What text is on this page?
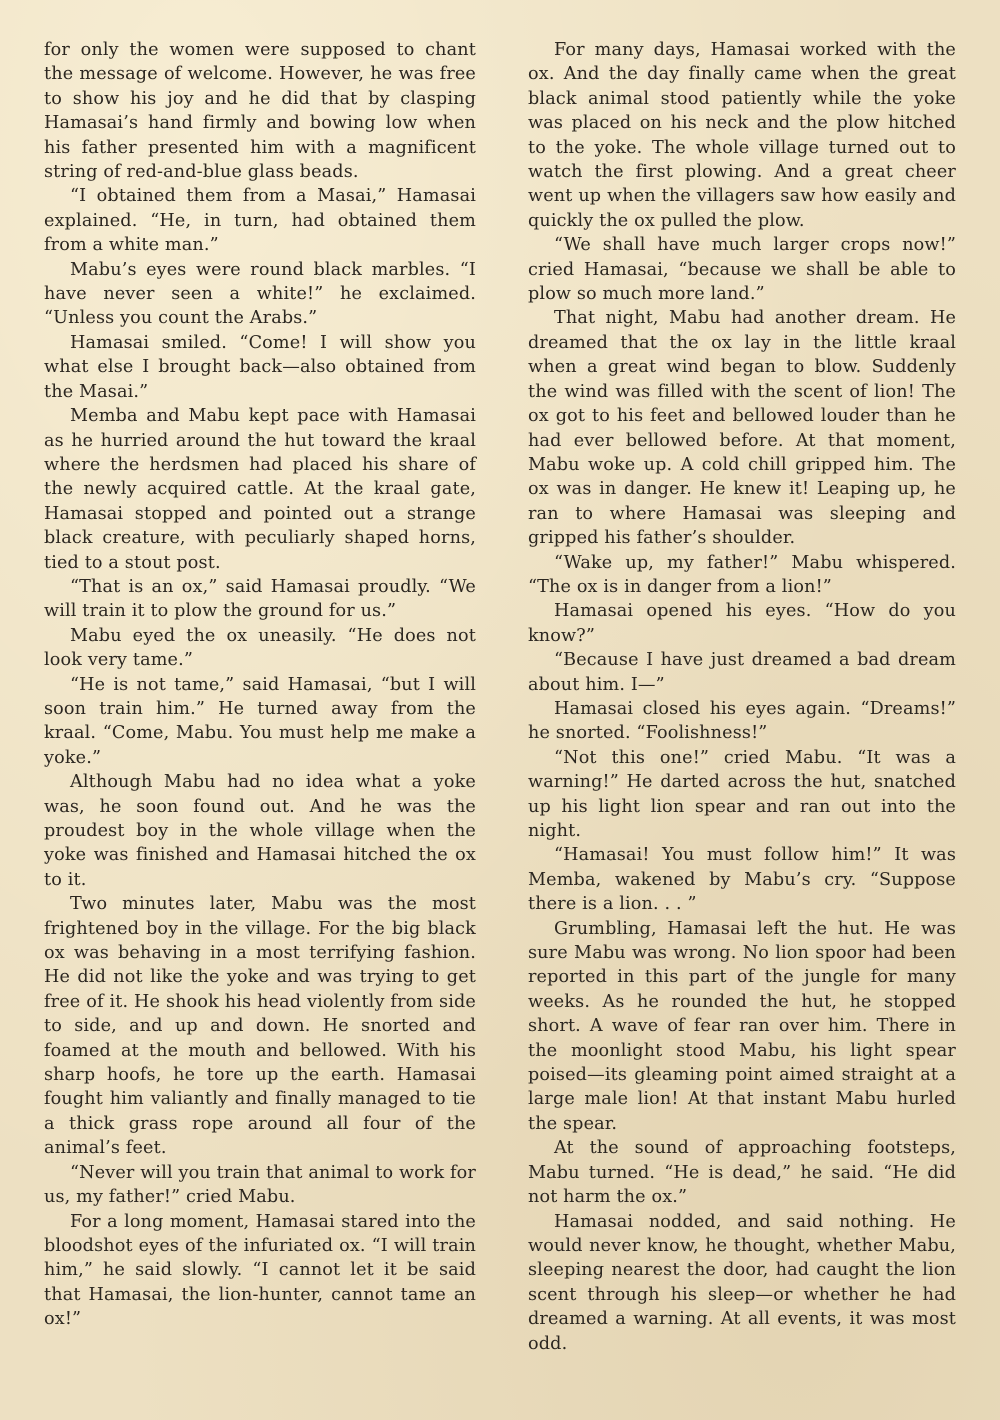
for only the women were supposed to chant the message of welcome. However, he was free to show his joy and he did that by clasping Hamasai’s hand firmly and bowing low when his father presented him with a magnificent string of red-and-blue glass beads.

“I obtained them from a Masai,” Hamasai explained. “He, in turn, had obtained them from a white man.”

Mabu’s eyes were round black marbles. “I have never seen a white!” he exclaimed. “Unless you count the Arabs.”

Hamasai smiled. “Come! I will show you what else I brought back—also obtained from the Masai.”

Memba and Mabu kept pace with Hamasai as he hurried around the hut toward the kraal where the herdsmen had placed his share of the newly acquired cattle. At the kraal gate, Hamasai stopped and pointed out a strange black creature, with peculiarly shaped horns, tied to a stout post.

“That is an ox,” said Hamasai proudly. “We will train it to plow the ground for us.”

Mabu eyed the ox uneasily. “He does not look very tame.”

“He is not tame,” said Hamasai, “but I will soon train him.” He turned away from the kraal. “Come, Mabu. You must help me make a yoke.”

Although Mabu had no idea what a yoke was, he soon found out. And he was the proudest boy in the whole village when the yoke was finished and Hamasai hitched the ox to it.

Two minutes later, Mabu was the most frightened boy in the village. For the big black ox was behaving in a most terrifying fashion. He did not like the yoke and was trying to get free of it. He shook his head violently from side to side, and up and down. He snorted and foamed at the mouth and bellowed. With his sharp hoofs, he tore up the earth. Hamasai fought him valiantly and finally managed to tie a thick grass rope around all four of the animal’s feet.

“Never will you train that animal to work for us, my father!” cried Mabu.

For a long moment, Hamasai stared into the bloodshot eyes of the infuriated ox. “I will train him,” he said slowly. “I cannot let it be said that Hamasai, the lion-hunter, cannot tame an ox!”

For many days, Hamasai worked with the ox. And the day finally came when the great black animal stood patiently while the yoke was placed on his neck and the plow hitched to the yoke. The whole village turned out to watch the first plowing. And a great cheer went up when the villagers saw how easily and quickly the ox pulled the plow.

“We shall have much larger crops now!” cried Hamasai, “because we shall be able to plow so much more land.”

That night, Mabu had another dream. He dreamed that the ox lay in the little kraal when a great wind began to blow. Suddenly the wind was filled with the scent of lion! The ox got to his feet and bellowed louder than he had ever bellowed before. At that moment, Mabu woke up. A cold chill gripped him. The ox was in danger. He knew it! Leaping up, he ran to where Hamasai was sleeping and gripped his father’s shoulder.

“Wake up, my father!” Mabu whispered. “The ox is in danger from a lion!”

Hamasai opened his eyes. “How do you know?”

“Because I have just dreamed a bad dream about him. I—”

Hamasai closed his eyes again. “Dreams!” he snorted. “Foolishness!”

“Not this one!” cried Mabu. “It was a warning!” He darted across the hut, snatched up his light lion spear and ran out into the night.

“Hamasai! You must follow him!” It was Memba, wakened by Mabu’s cry. “Suppose there is a lion. . . ”

Grumbling, Hamasai left the hut. He was sure Mabu was wrong. No lion spoor had been reported in this part of the jungle for many weeks. As he rounded the hut, he stopped short. A wave of fear ran over him. There in the moonlight stood Mabu, his light spear poised—its gleaming point aimed straight at a large male lion! At that instant Mabu hurled the spear.

At the sound of approaching footsteps, Mabu turned. “He is dead,” he said. “He did not harm the ox.”

Hamasai nodded, and said nothing. He would never know, he thought, whether Mabu, sleeping nearest the door, had caught the lion scent through his sleep—or whether he had dreamed a warning. At all events, it was most odd.
